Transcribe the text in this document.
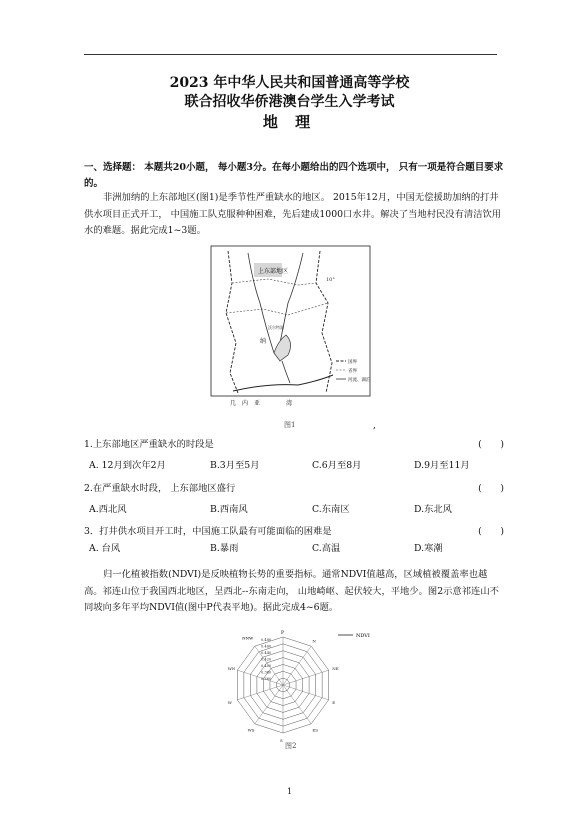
2023 年中华人民共和国普通高等学校
联合招收华侨港澳台学生入学考试
地 理
一、选择题： 本题共20小题， 每小题3分。在每小题给出的四个选项中， 只有一项是符合题目要求的。
非洲加纳的上东部地区(图1)是季节性严重缺水的地区。 2015年12月，中国无偿援助加纳的打井供水项目正式开工， 中国施工队克服种种困难，先后建成1000口水井。解决了当地村民没有清洁饮用水的难题。据此完成1~3题。
上东部地区
纳
沃尔特湖
10°
几 内 亚	湾
国界
省界
河流、湖泊
图1	,
1.上东部地区严重缺水的时段是	(　　)
A. 12月到次年2月	B.3月至5月	C.6月至8月	D.9月至11月
2.在严重缺水时段， 上东部地区盛行	(　　)
A.西北风	B.西南风	C.东南区	D.东北风
3．打井供水项目开工时，中国施工队最有可能面临的困难是	(　　)
A. 台风	B.暴雨	C.高温	D.寒潮
归一化植被指数(NDVI)是反映植物长势的重要指标。通常NDVI值越高，区域植被覆盖率也越高。祁连山位于我国西北地区，呈西北--东南走向， 山地崎岖、起伏较大，平地少。图2示意祁连山不同坡向多年平均NDVI值(图中P代表平地)。据此完成4~6题。
0.480
0.460
0.440
0.420
0.400
0.380
0.360
N
NE
E
ES
S
WS
W
WN
P
NNW	NDVI
图2
1
